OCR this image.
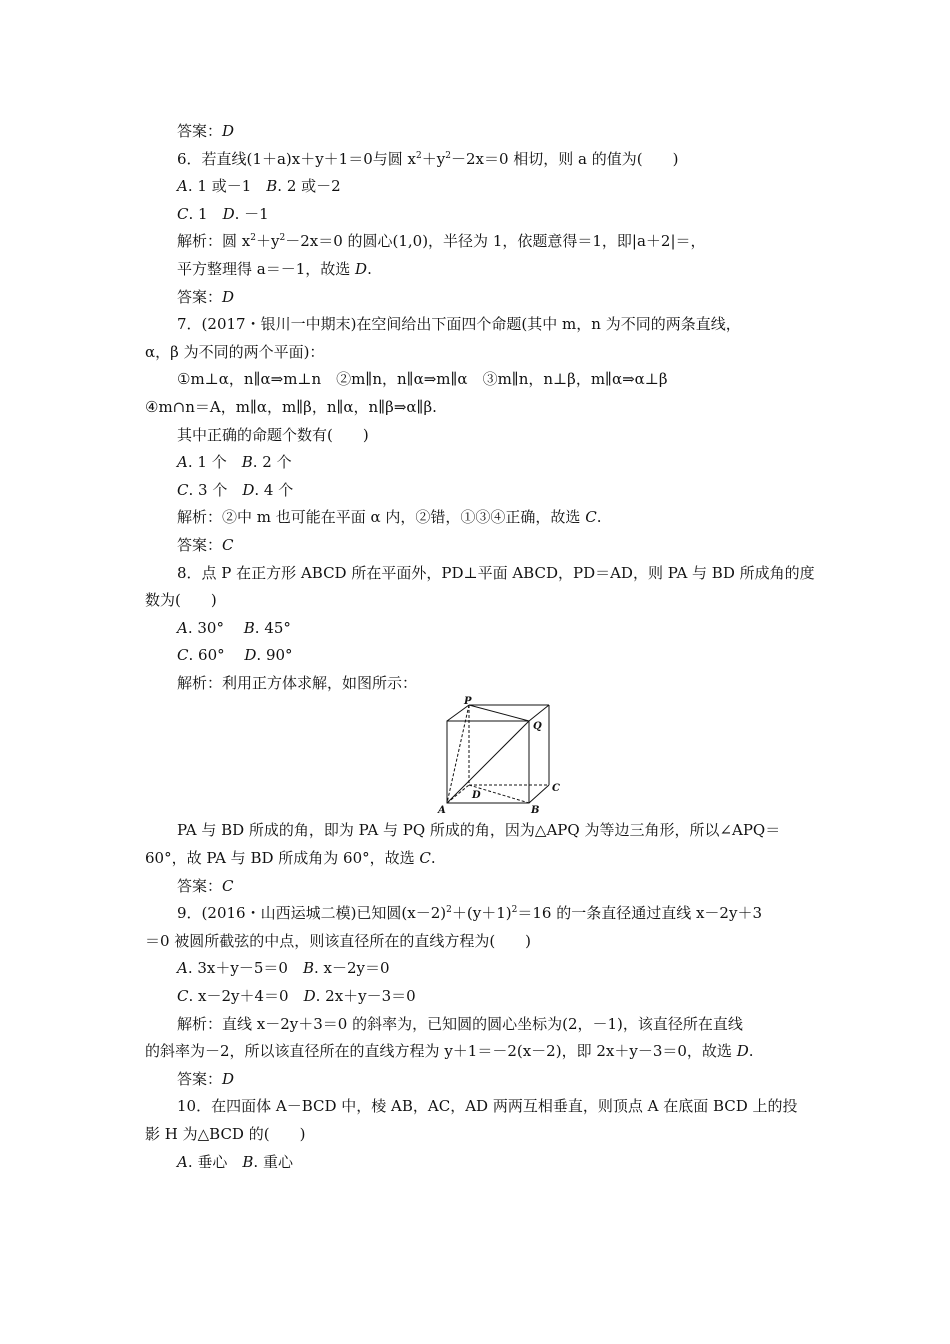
答案：D
6．若直线(1＋a)x＋y＋1＝0与圆 $x^2+y^2-2x=0$ 相切，则 a 的值为(　　)
A. 1 或－1　B. 2 或－2
C. 1　D. －1
解析：圆 $x^2+y^2-2x=0$ 的圆心(1,0)，半径为 1，依题意得＝1，即|a＋2|＝，
平方整理得 a＝－1，故选 D.
答案：D
7．(2017・银川一中期末)在空间给出下面四个命题(其中 m，n 为不同的两条直线，
α，β 为不同的两个平面)：
①m⊥α，n∥α⇒m⊥n　②m∥n，n∥α⇒m∥α　③m∥n，n⊥β，m∥α⇒α⊥β
④m∩n＝A，m∥α，m∥β，n∥α，n∥β⇒α∥β.
其中正确的命题个数有(　　)
A. 1 个　B. 2 个
C. 3 个　D. 4 个
解析：②中 m 也可能在平面 α 内，②错，①③④正确，故选 C.
答案：C
8．点 P 在正方形 ABCD 所在平面外，PD⊥平面 ABCD，PD＝AD，则 PA 与 BD 所成角的度
数为(　　)
A. 30°　 B. 45°
C. 60°　 D. 90°
解析：利用正方体求解，如图所示：
P
Q
C
D
A	B
PA 与 BD 所成的角，即为 PA 与 PQ 所成的角，因为△APQ 为等边三角形，所以∠APQ＝
60°，故 PA 与 BD 所成角为 60°，故选 C.
答案：C
9．(2016・山西运城二模)已知圆$(x-2)^2+(y+1)^2=16$ 的一条直径通过直线 x－2y＋3
＝0 被圆所截弦的中点，则该直径所在的直线方程为(　　)
A. 3x＋y－5＝0　B. x－2y＝0
C. x－2y＋4＝0　D. 2x＋y－3＝0
解析：直线 x－2y＋3＝0 的斜率为，已知圆的圆心坐标为(2，－1)，该直径所在直线
的斜率为－2，所以该直径所在的直线方程为 y＋1＝－2(x－2)，即 2x＋y－3＝0，故选 D.
答案：D
10．在四面体 A－BCD 中，棱 AB，AC，AD 两两互相垂直，则顶点 A 在底面 BCD 上的投
影 H 为△BCD 的(　　)
A. 垂心　B. 重心
